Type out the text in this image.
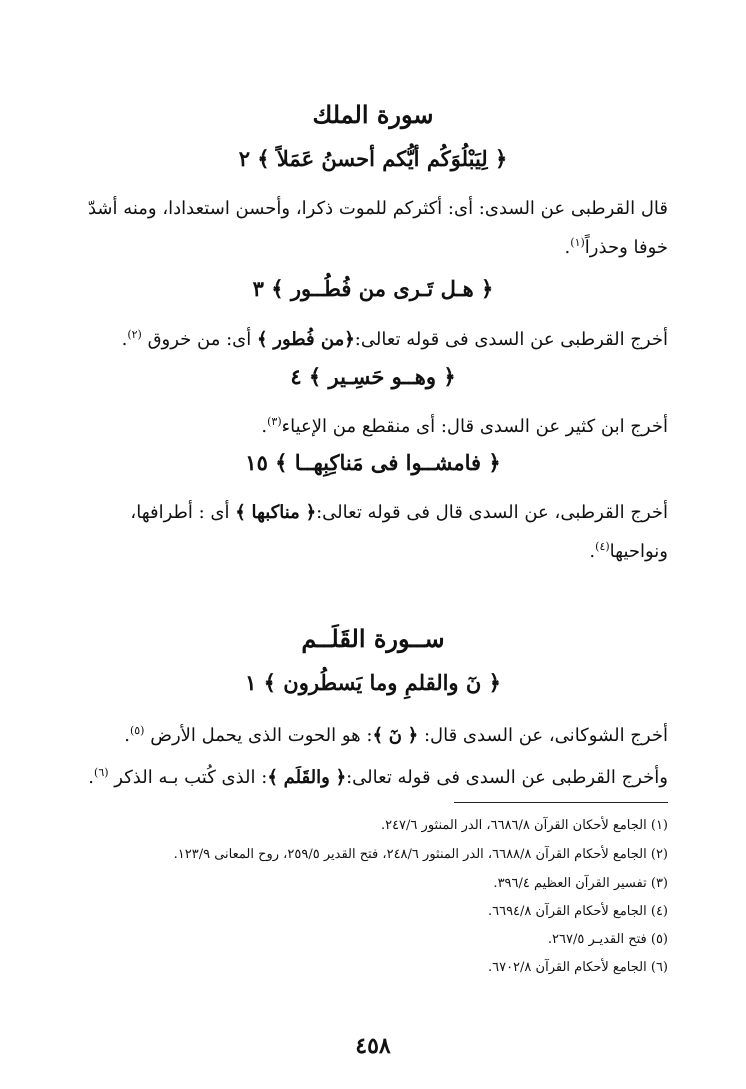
سورة الملك
﴿ لِيَبْلُوَكُم أيُّكم أحسنُ عَمَلاً ﴾ ٢
قال القرطبى عن السدى: أى: أكثركم للموت ذكرا، وأحسن استعدادا، ومنه أشدّ خوفا وحذراً$^{(١)}$.
﴿ هـل تَـرى من فُطُــور ﴾ ٣
أخرج القرطبى عن السدى فى قوله تعالى:﴿من فُطور ﴾ أى: من خروق $^{(٢)}$.
﴿ وهــو حَسِـير ﴾ ٤
أخرج ابن كثير عن السدى قال: أى منقطع من الإعياء$^{(٣)}$.
﴿ فامشــوا فى مَناكِبِهــا ﴾ ١٥
أخرج القرطبى، عن السدى قال فى قوله تعالى:﴿ مناكبها ﴾ أى : أطرافها، ونواحيها$^{(٤)}$.
ســورة القَلَــم
﴿ نٓ والقلمِ وما يَسطُرون ﴾ ١
أخرج الشوكانى، عن السدى قال: ﴿ نٓ ﴾: هو الحوت الذى يحمل الأرض $^{(٥)}$.
وأخرج القرطبى عن السدى فى قوله تعالى:﴿ والقَلَم ﴾: الذى كُتب بـه الذكر $^{(٦)}$.
(١) الجامع لأحكان القرآن ٦٦٨٦/٨، الدر المنثور ٢٤٧/٦.
(٢) الجامع لأحكام القرآن ٦٦٨٨/٨، الدر المنثور ٢٤٨/٦، فتح القدير ٢٥٩/٥، روح المعانى ١٢٣/٩.
(٣) تفسير القرآن العظيم ٣٩٦/٤.
(٤) الجامع لأحكام القرآن ٦٦٩٤/٨.
(٥) فتح القديـر ٢٦٧/٥.
(٦) الجامع لأحكام القرآن ٦٧٠٢/٨.
٤٥٨
